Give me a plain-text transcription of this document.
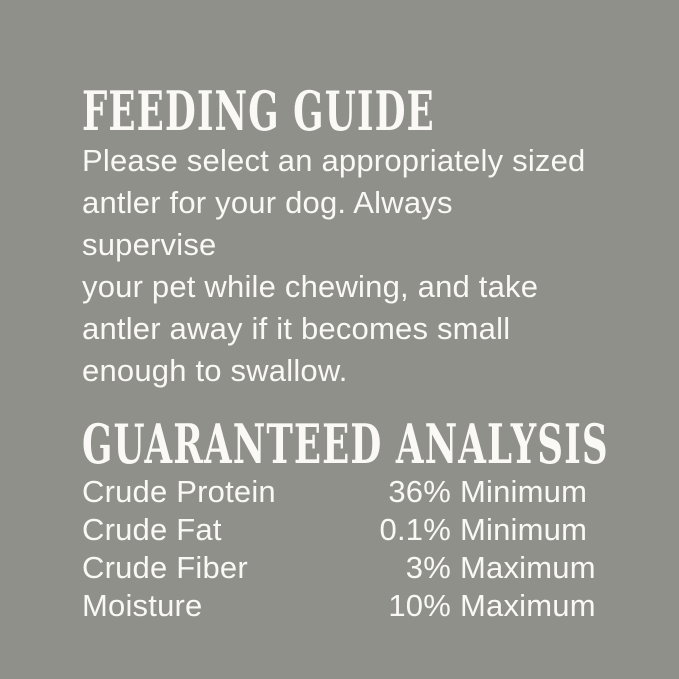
FEEDING GUIDE
Please select an appropriately sized
antler for your dog. Always supervise
your pet while chewing, and take
antler away if it becomes small
enough to swallow.
GUARANTEED ANALYSIS
Crude Protein	36% Minimum
Crude Fat	0.1% Minimum
Crude Fiber	3% Maximum
Moisture	10% Maximum
